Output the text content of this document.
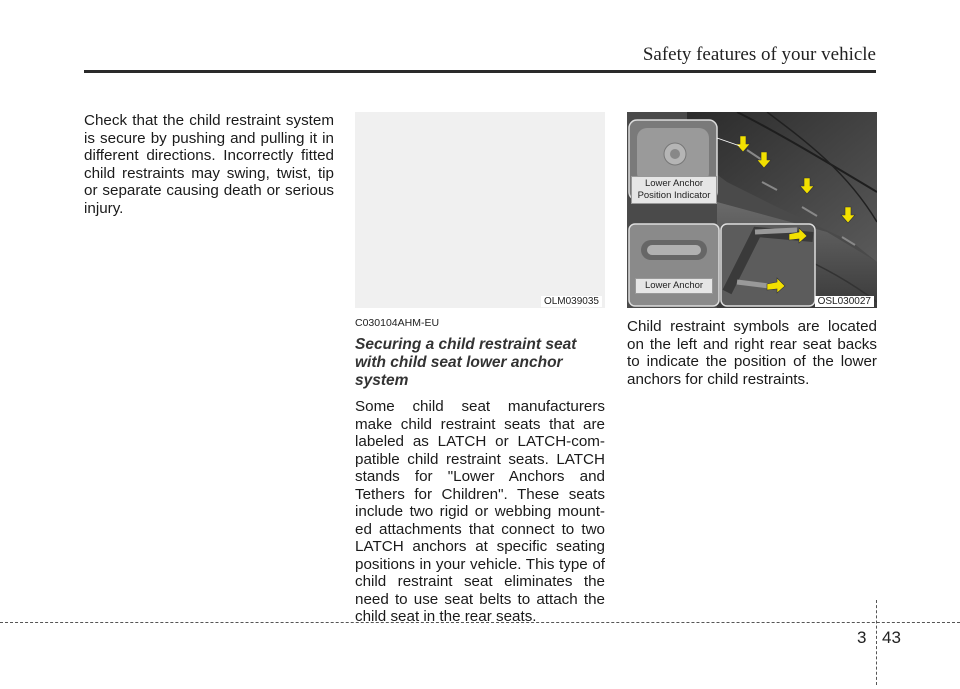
Safety features of your vehicle
Check that the child restraint system is secure by pushing and pulling it in different directions. Incorrectly fitted child restraints may swing, twist, tip or separate causing death or serious injury.
OLM039035
C030104AHM-EU
Securing a child restraint seat with child seat lower anchor system
Some child seat manufacturers make child restraint seats that are labeled as LATCH or LATCH-com-patible child restraint seats. LATCH stands for "Lower Anchors and Tethers for Children". These seats include two rigid or webbing mount-ed attachments that connect to two LATCH anchors at specific seating positions in your vehicle. This type of child restraint seat eliminates the need to use seat belts to attach the child seat in the rear seats.
Lower Anchor Position Indicator
Lower Anchor
OSL030027
Child restraint symbols are located on the left and right rear seat backs to indicate the position of the lower anchors for child restraints.
3 43
